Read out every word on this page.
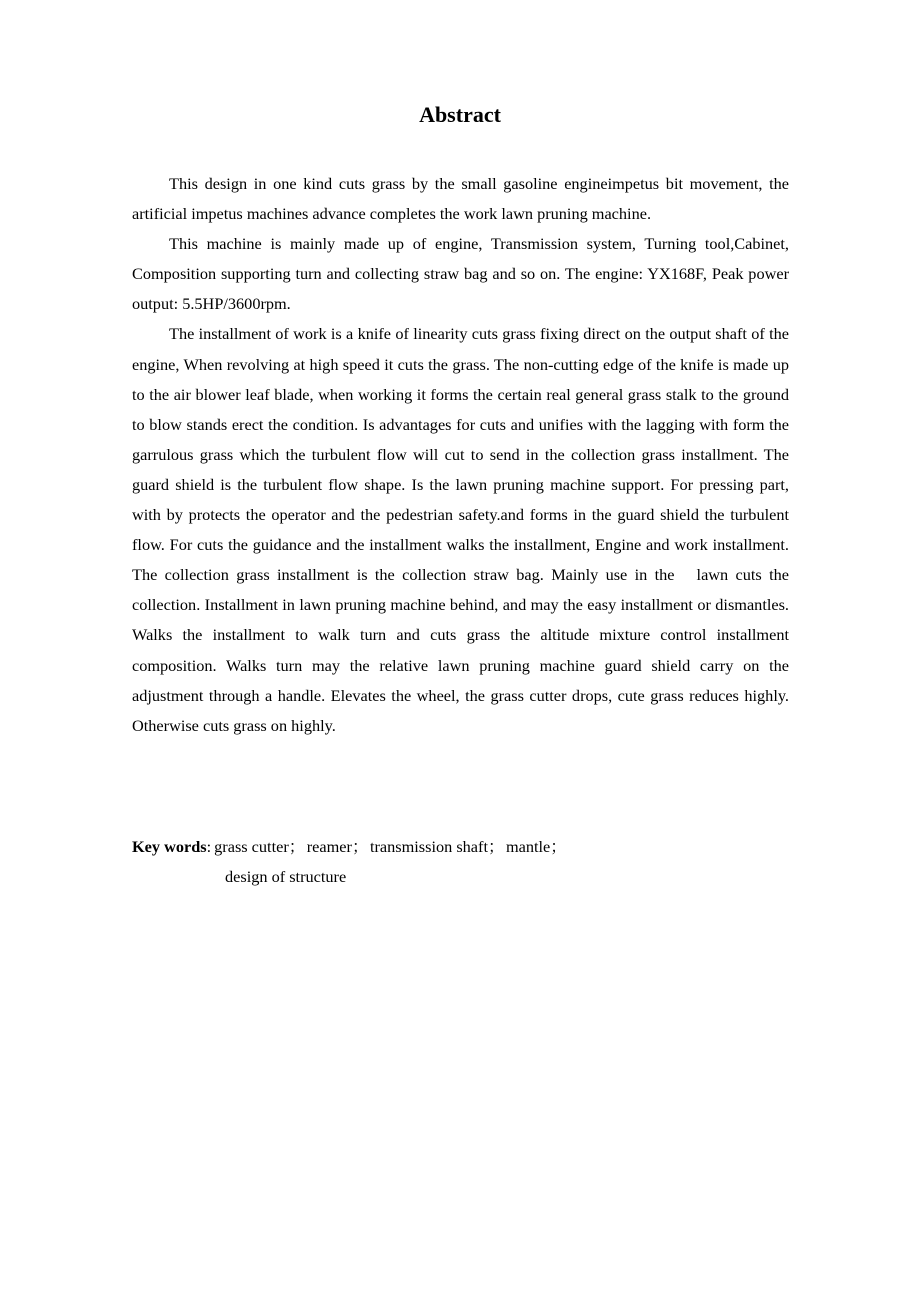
Abstract

This design in one kind cuts grass by the small gasoline engineimpetus bit movement, the artificial impetus machines advance completes the work lawn pruning machine.

This machine is mainly made up of engine, Transmission system, Turning tool,Cabinet, Composition supporting turn and collecting straw bag and so on. The engine: YX168F, Peak power output: 5.5HP/3600rpm.

The installment of work is a knife of linearity cuts grass fixing direct on the output shaft of the engine, When revolving at high speed it cuts the grass. The non-cutting edge of the knife is made up to the air blower leaf blade, when working it forms the certain real general grass stalk to the ground to blow stands erect the condition. Is advantages for cuts and unifies with the lagging with form the garrulous grass which the turbulent flow will cut to send in the collection grass installment. The guard shield is the turbulent flow shape. Is the lawn pruning machine support. For pressing part, with by protects the operator and the pedestrian safety.and forms in the guard shield the turbulent flow. For cuts the guidance and the installment walks the installment, Engine and work installment. The collection grass installment is the collection straw bag. Mainly use in the   lawn cuts the collection. Installment in lawn pruning machine behind, and may the easy installment or dismantles. Walks the installment to walk turn and cuts grass the altitude mixture control installment composition. Walks turn may the relative lawn pruning machine guard shield carry on the adjustment through a handle. Elevates the wheel, the grass cutter drops, cute grass reduces highly. Otherwise cuts grass on highly.

Key words : grass cutter； reamer； transmission shaft； mantle；
design of structure
